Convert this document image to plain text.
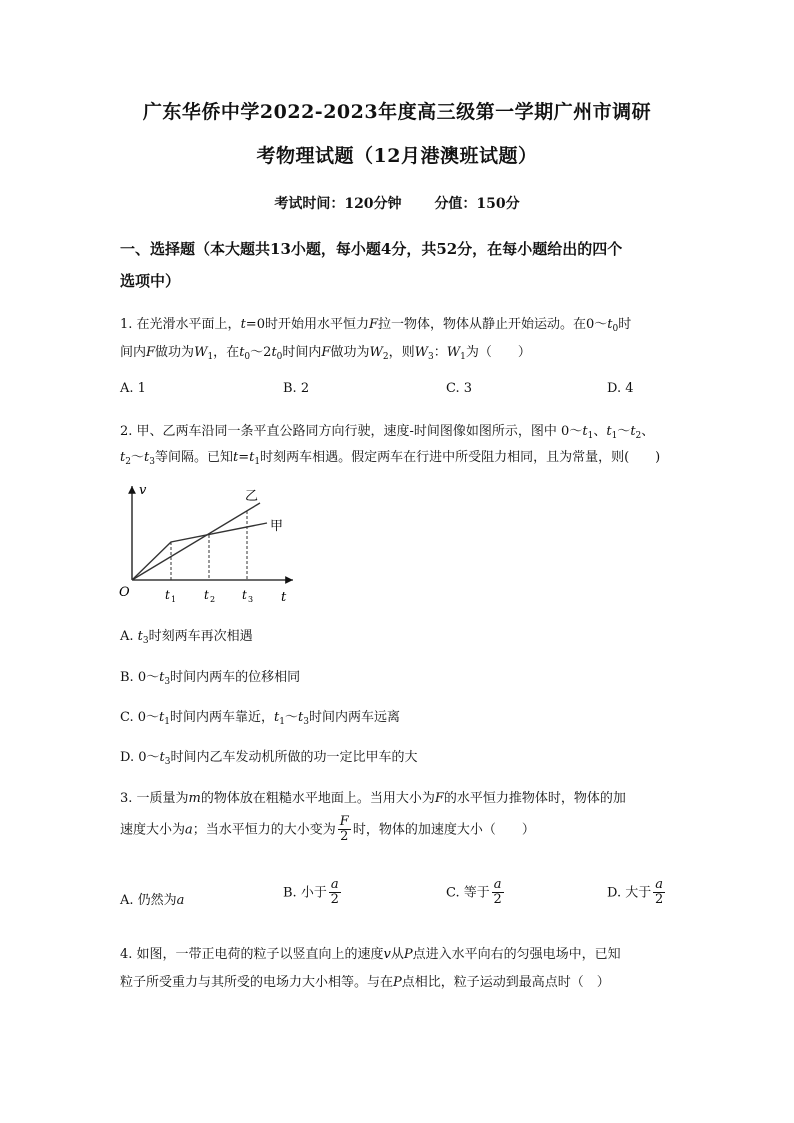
广东华侨中学2022-2023年度高三级第一学期广州市调研
考物理试题（12月港澳班试题）
考试时间：120分钟 分值：150分
一、选择题（本大题共13小题，每小题4分，共52分，在每小题给出的四个
选项中）
1. 在光滑水平面上，t=0时开始用水平恒力F拉一物体，物体从静止开始运动。在$0\sim t_0$时
间内F做功为$W_1$，在$t_0\sim 2t_0$时间内F做功为$W_2$，则$W_3$：$W_1$为（　　）
A. 1	B. 2	C. 3	D. 4
2. 甲、乙两车沿同一条平直公路同方向行驶，速度-时间图像如图所示，图中 $0\sim t_1$、$t_1\sim t_2$、
$t_2\sim t_3$等间隔。已知$t=t_1$时刻两车相遇。假定两车在行进中所受阻力相同，且为常量，则(　　)
v
t
O
乙
甲
t 1 t 2 t 3
A. $t_3$时刻两车再次相遇
B. $0\sim t_3$时间内两车的位移相同
C. $0\sim t_1$时间内两车靠近，$t_1\sim t_3$时间内两车远离
D. $0\sim t_3$时间内乙车发动机所做的功一定比甲车的大
3. 一质量为m的物体放在粗糙水平地面上。当用大小为F的水平恒力推物体时，物体的加
速度大小为a；当水平恒力的大小变为 $\frac{F}{2}$ 时，物体的加速度大小（　　）
A. 仍然为a
B. 小于 $\frac{a}{2}$	C. 等于 $\frac{a}{2}$	D. 大于 $\frac{a}{2}$
4. 如图，一带正电荷的粒子以竖直向上的速度v从P点进入水平向右的匀强电场中，已知
粒子所受重力与其所受的电场力大小相等。与在P点相比，粒子运动到最高点时（　）
